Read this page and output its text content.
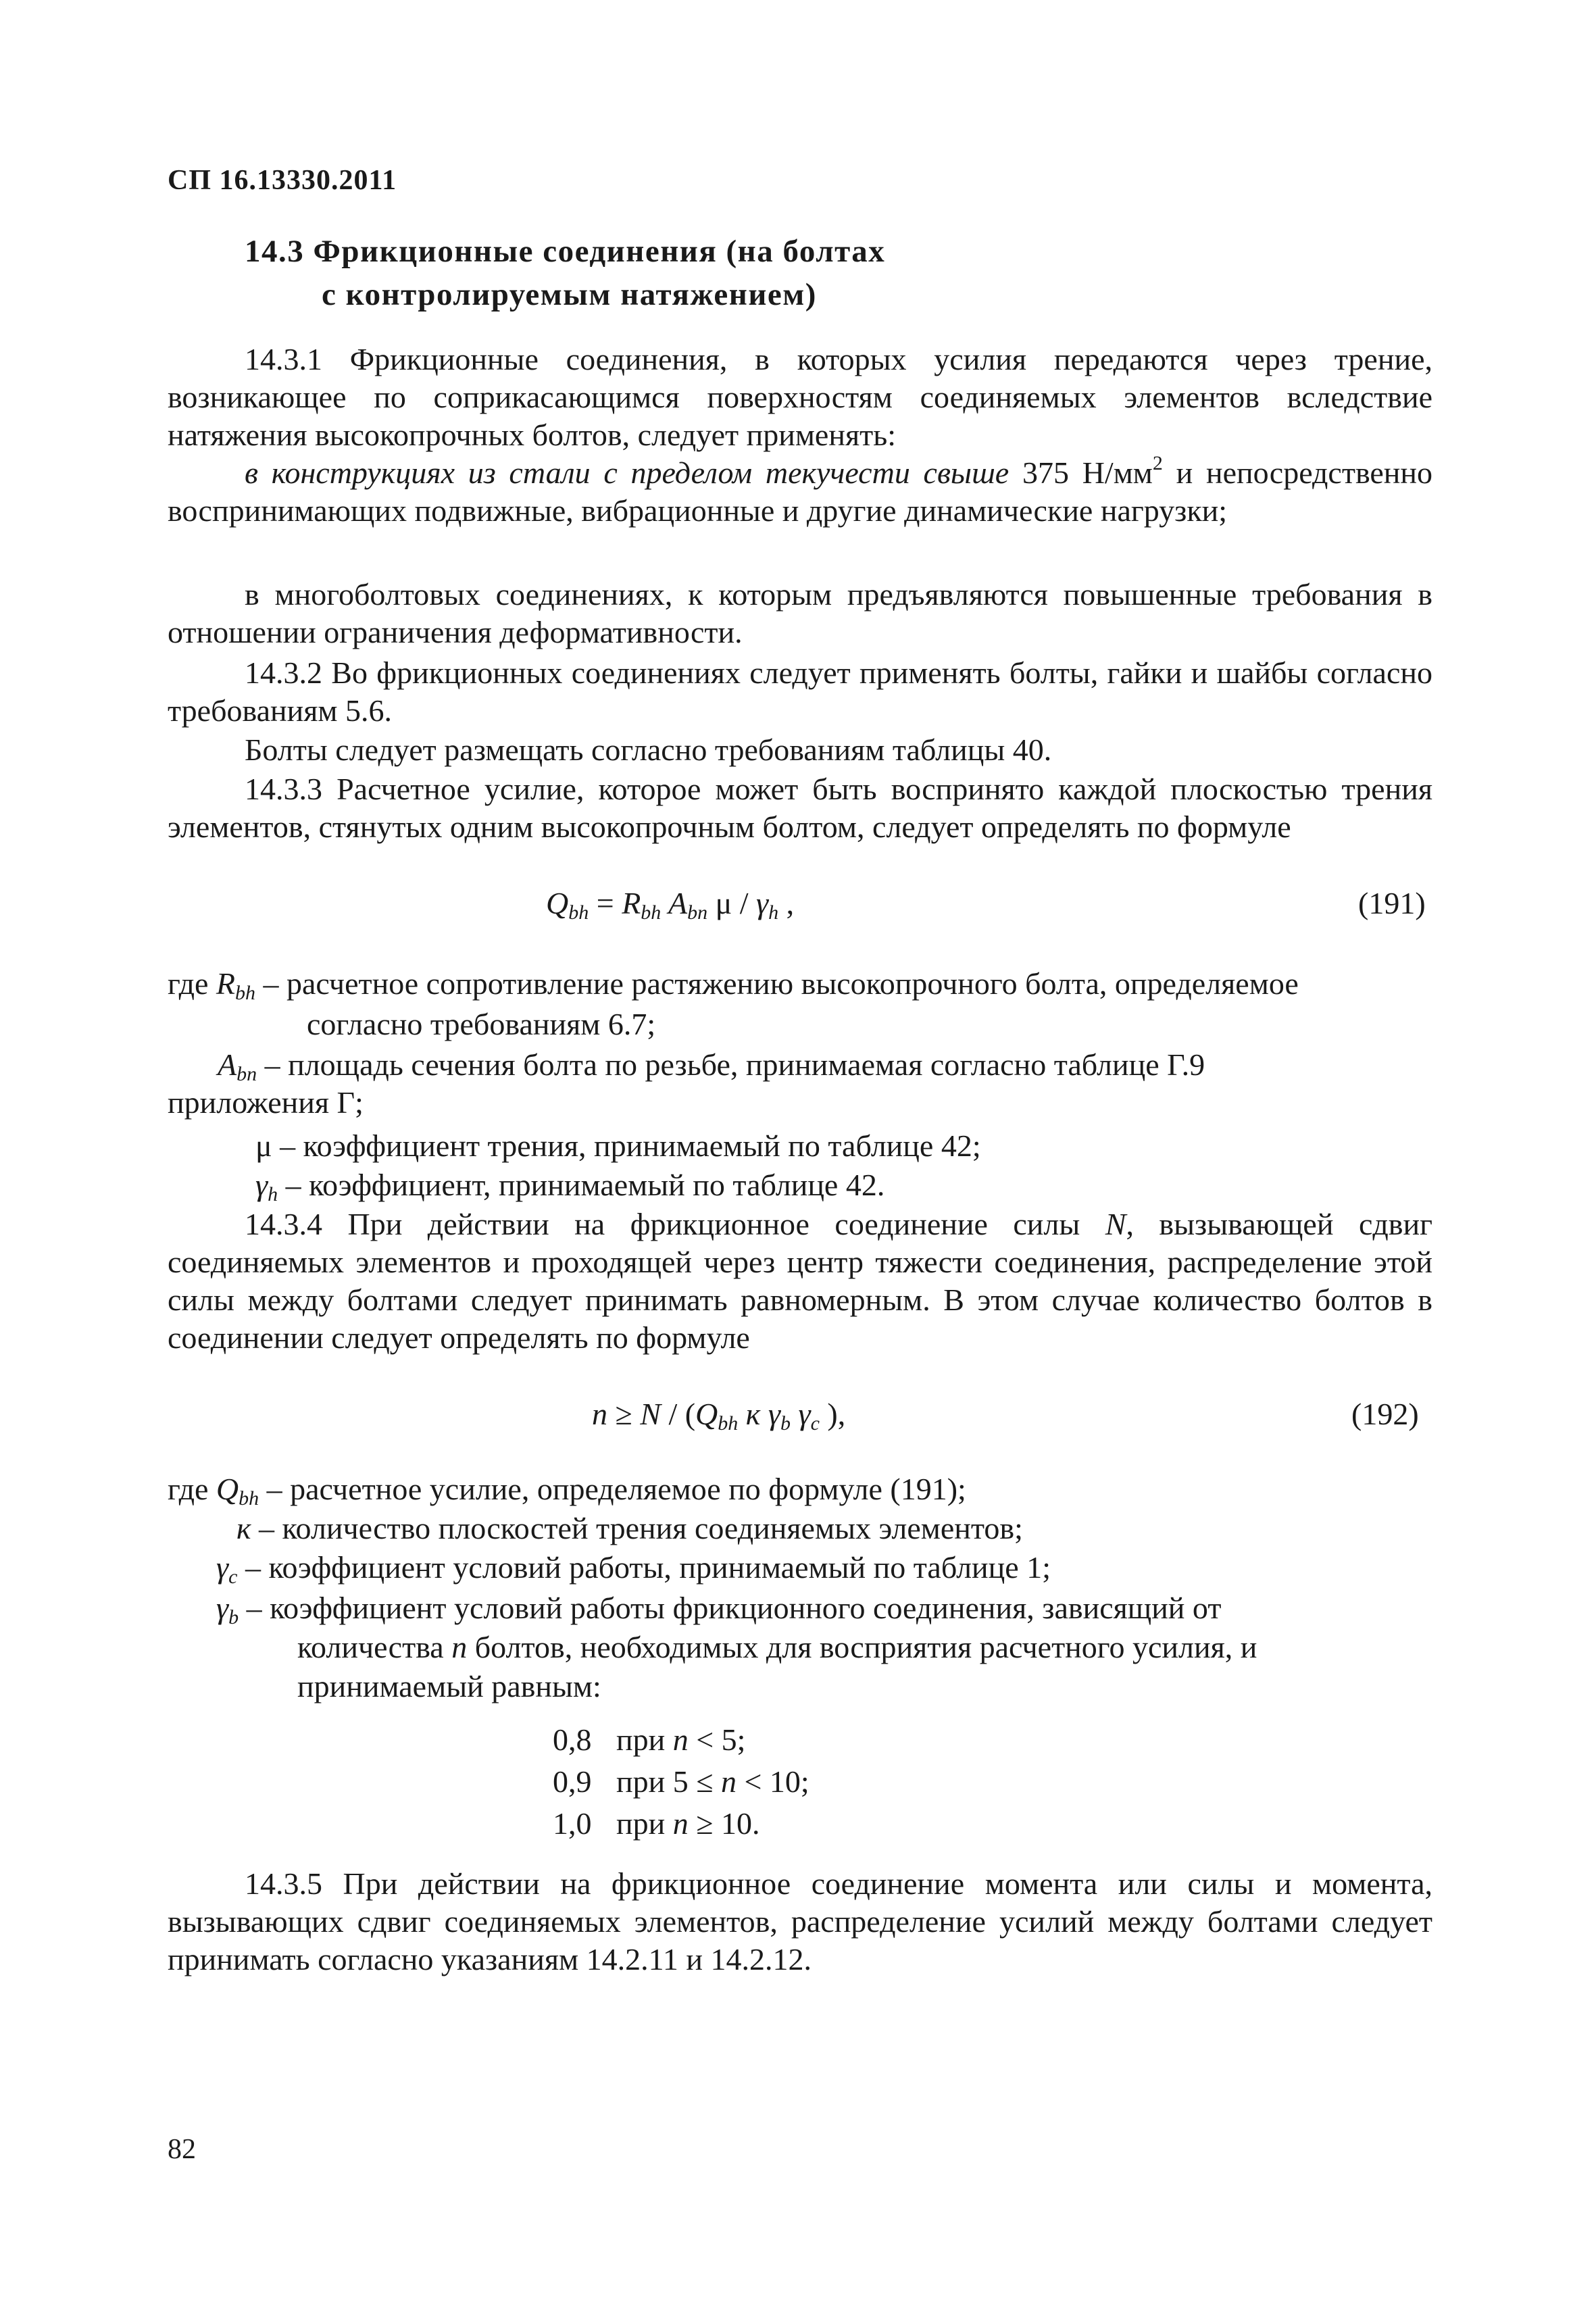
СП 16.13330.2011
14.3 Фрикционные соединения (на болтах
с контролируемым натяжением)
14.3.1 Фрикционные соединения, в которых усилия передаются через трение, возникающее по соприкасающимся поверхностям соединяемых элементов вследствие натяжения высокопрочных болтов, следует применять:
в конструкциях из стали с пределом текучести свыше 375 $Н/мм^2$ и непосредственно воспринимающих подвижные, вибрационные и другие динамические нагрузки;
в многоболтовых соединениях, к которым предъявляются повышенные требования в отношении ограничения деформативности.
14.3.2 Во фрикционных соединениях следует применять болты, гайки и шайбы согласно требованиям 5.6.
Болты следует размещать согласно требованиям таблицы 40.
14.3.3 Расчетное усилие, которое может быть воспринято каждой плоскостью трения элементов, стянутых одним высокопрочным болтом, следует определять по формуле
$Q_{bh} = R_{bh}$ $A_{bn}$ μ / $\gamma_h$ ,	(191)
где $R_{bh}$ – расчетное сопротивление растяжению высокопрочного болта, определяемое
согласно требованиям 6.7;
$A_{bn}$ – площадь сечения болта по резьбе, принимаемая согласно таблице Г.9
приложения Г;
μ – коэффициент трения, принимаемый по таблице 42;
$\gamma_h$ – коэффициент, принимаемый по таблице 42.
14.3.4 При действии на фрикционное соединение силы N, вызывающей сдвиг соединяемых элементов и проходящей через центр тяжести соединения, распределение этой силы между болтами следует принимать равномерным. В этом случае количество болтов в соединении следует определять по формуле
$n \ge N / (Q_{bh}$ к $\gamma_b$ $\gamma_c$ ),	(192)
где $Q_{bh}$ – расчетное усилие, определяемое по формуле (191);
к – количество плоскостей трения соединяемых элементов;
$\gamma_c$ – коэффициент условий работы, принимаемый по таблице 1;
$\gamma_b$ – коэффициент условий работы фрикционного соединения, зависящий от
количества n болтов, необходимых для восприятия расчетного усилия, и
принимаемый равным:
0,8 при n < 5;
0,9 при 5 ≤ n < 10;
1,0 при n ≥ 10.
14.3.5 При действии на фрикционное соединение момента или силы и момента, вызывающих сдвиг соединяемых элементов, распределение усилий между болтами следует принимать согласно указаниям 14.2.11 и 14.2.12.
82
